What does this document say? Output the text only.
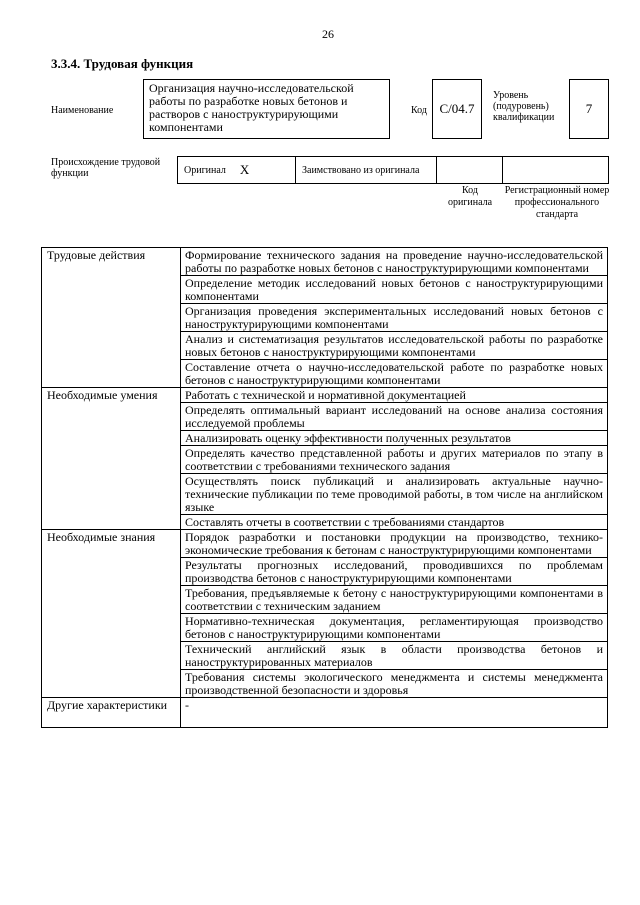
26
3.3.4. Трудовая функция
Наименование
Организация научно-исследовательской работы по разработке новых бетонов и растворов с наноструктурирующими компонентами
Код C/04.7
Уровень (подуровень) квалификации
7
Происхождение трудовой функции	Оригинал X	Заимствовано из оригинала
Код оригинала
Регистрационный номер профессионального стандарта
Трудовые действия	Формирование технического задания на проведение научно-исследовательской работы по разработке новых бетонов с наноструктурирующими компонентами
	Определение методик исследований новых бетонов с наноструктурирующими компонентами
	Организация проведения экспериментальных исследований новых бетонов с наноструктурирующими компонентами
	Анализ и систематизация результатов исследовательской работы по разработке новых бетонов с наноструктурирующими компонентами
	Составление отчета о научно-исследовательской работе по разработке новых бетонов с наноструктурирующими компонентами
Необходимые умения	Работать с технической и нормативной документацией
	Определять оптимальный вариант исследований на основе анализа состояния исследуемой проблемы
	Анализировать оценку эффективности полученных результатов
	Определять качество представленной работы и других материалов по этапу в соответствии с требованиями технического задания
	Осуществлять поиск публикаций и анализировать актуальные научно-технические публикации по теме проводимой работы, в том числе на английском языке
	Составлять отчеты в соответствии с требованиями стандартов
Необходимые знания	Порядок разработки и постановки продукции на производство, технико-экономические требования к бетонам с наноструктурирующими компонентами
	Результаты прогнозных исследований, проводившихся по проблемам производства бетонов с наноструктурирующими компонентами
	Требования, предъявляемые к бетону с наноструктурирующими компонентами в соответствии с техническим заданием
	Нормативно-техническая документация, регламентирующая производство бетонов с наноструктурирующими компонентами
	Технический английский язык в области производства бетонов и наноструктурированных материалов
	Требования системы экологического менеджмента и системы менеджмента производственной безопасности и здоровья
Другие характеристики	-
